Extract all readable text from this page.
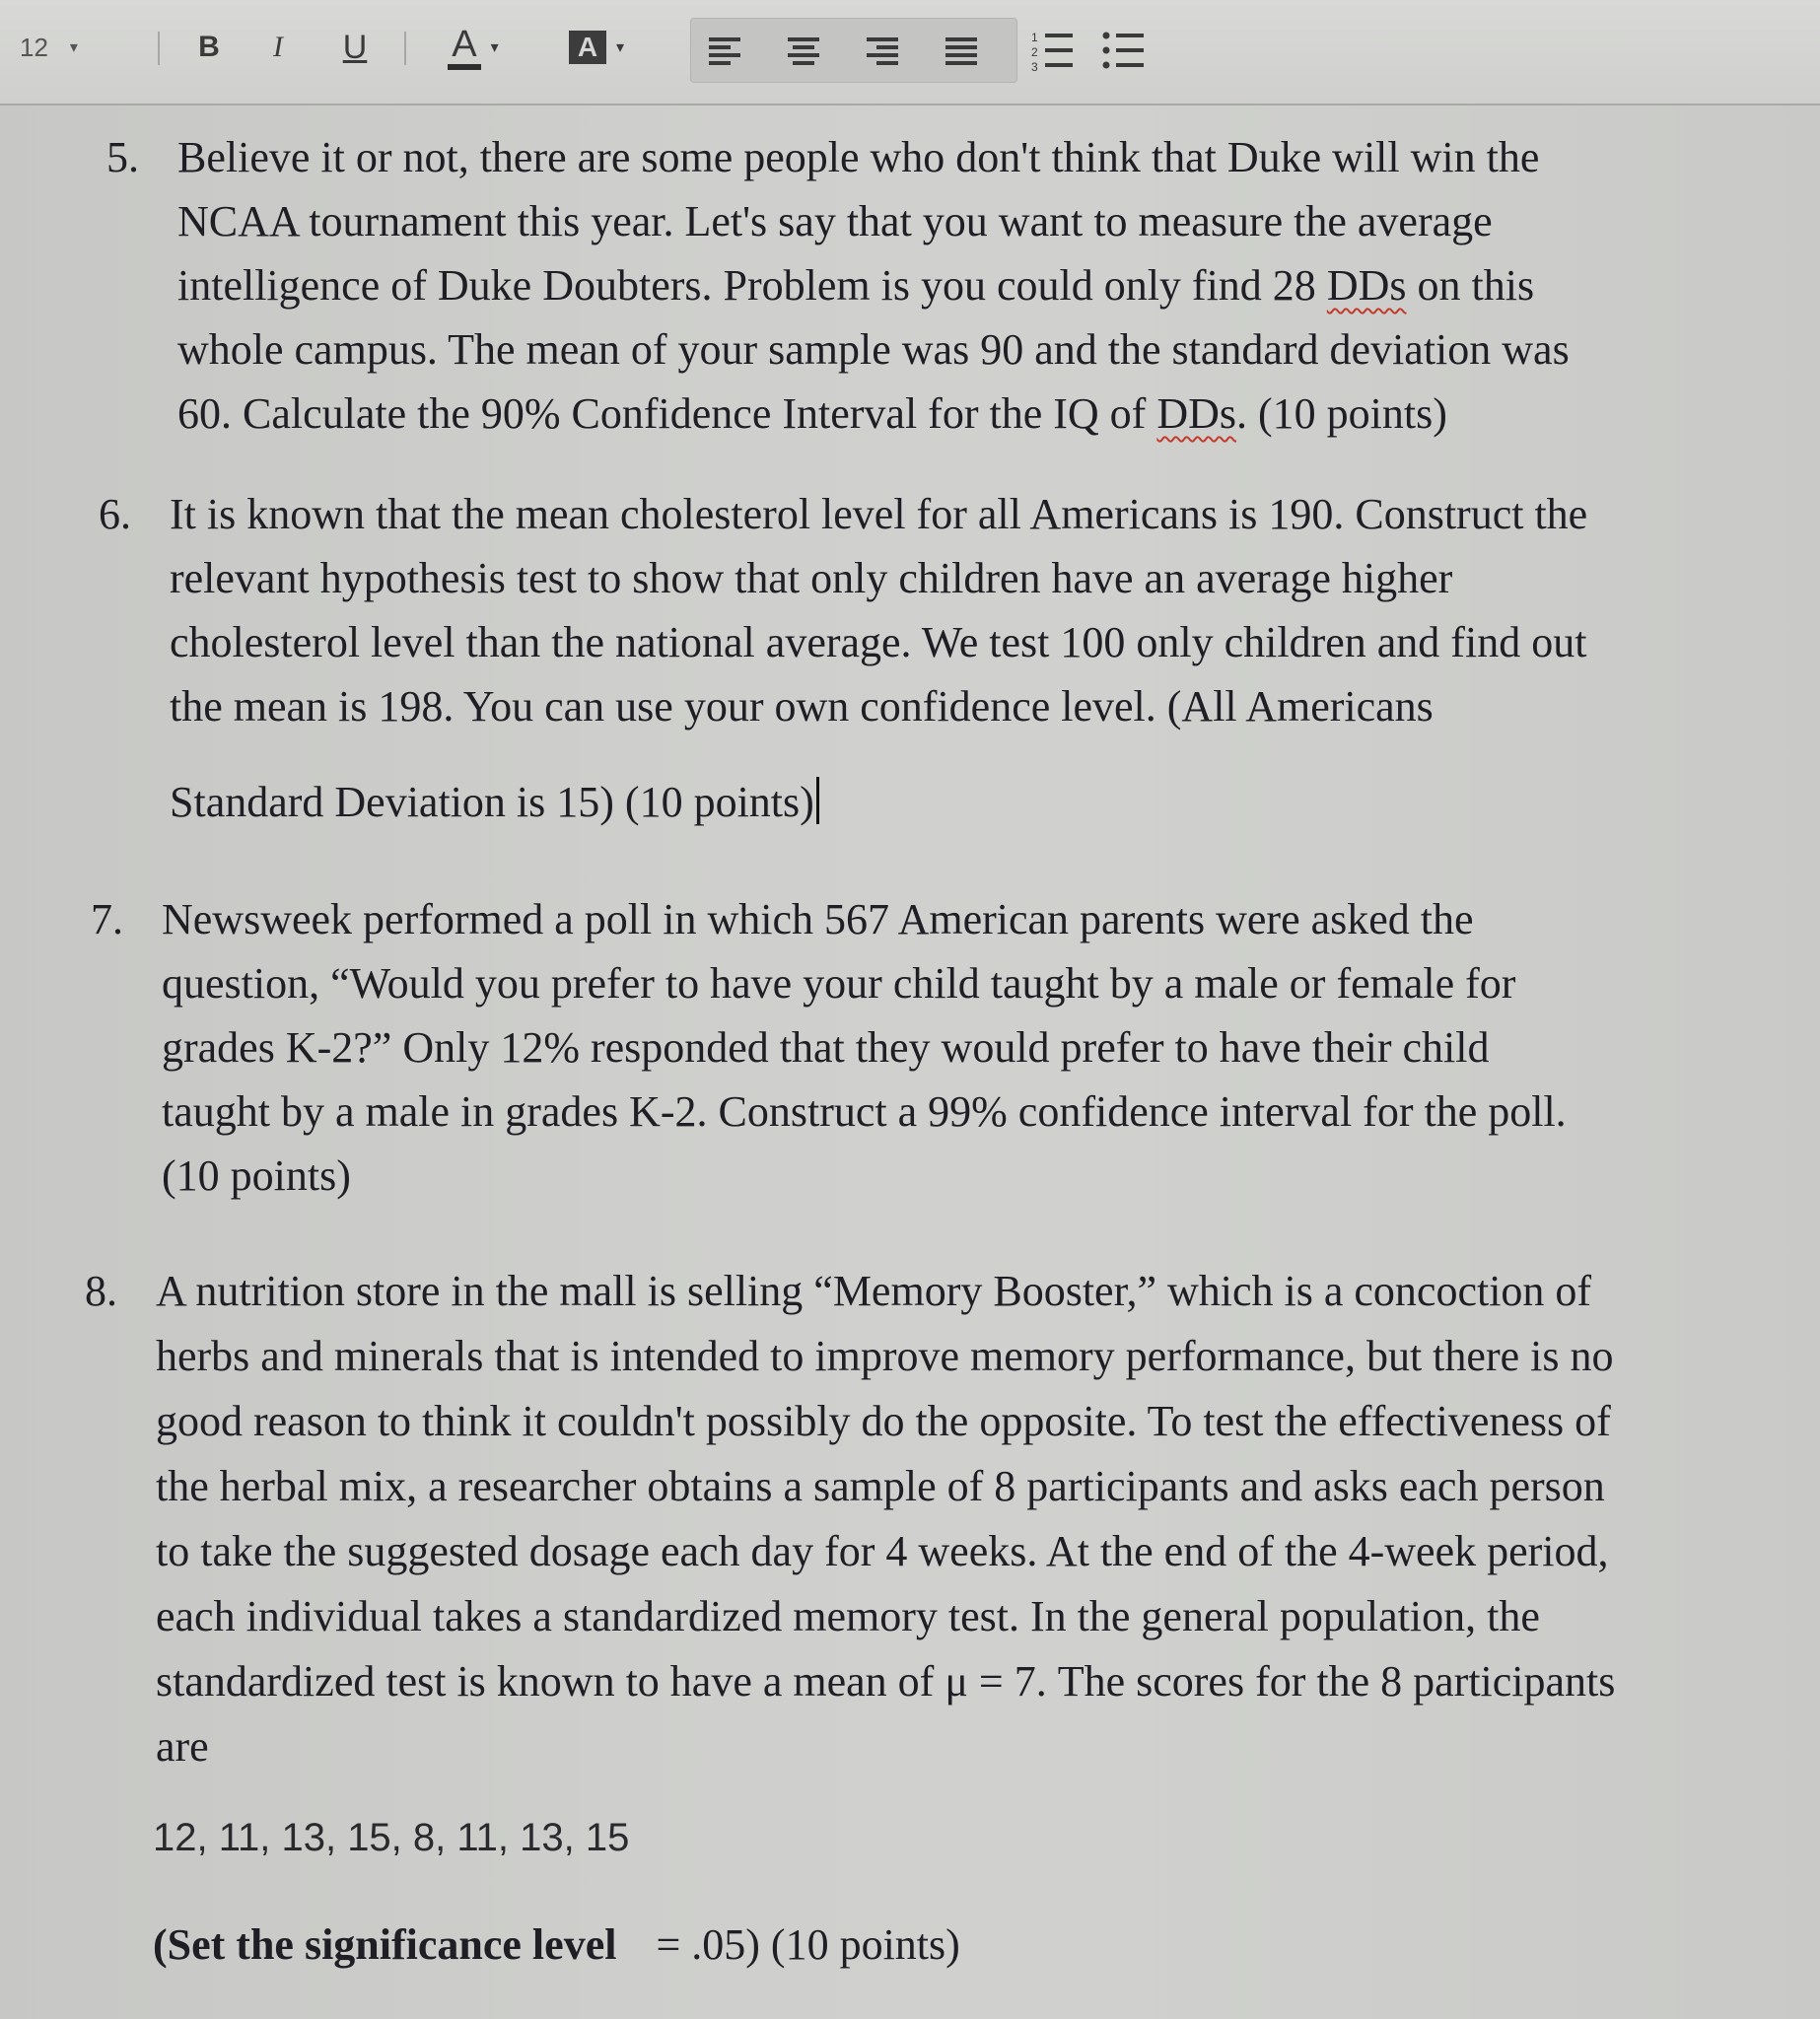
12 ▾	B	I	U A ▾	A	▾
1
2
3
5. Believe it or not, there are some people who don't think that Duke will win the

NCAA tournament this year. Let's say that you want to measure the average

intelligence of Duke Doubters. Problem is you could only find 28 DDs on this

whole campus. The mean of your sample was 90 and the standard deviation was

60. Calculate the 90% Confidence Interval for the IQ of DDs. (10 points)

6. It is known that the mean cholesterol level for all Americans is 190. Construct the

relevant hypothesis test to show that only children have an average higher

cholesterol level than the national average. We test 100 only children and find out

the mean is 198. You can use your own confidence level. (All Americans

Standard Deviation is 15) (10 points)

7. Newsweek performed a poll in which 567 American parents were asked the

question, “Would you prefer to have your child taught by a male or female for

grades K-2?” Only 12% responded that they would prefer to have their child

taught by a male in grades K-2. Construct a 99% confidence interval for the poll.

(10 points)

8. A nutrition store in the mall is selling “Memory Booster,” which is a concoction of

herbs and minerals that is intended to improve memory performance, but there is no

good reason to think it couldn't possibly do the opposite. To test the effectiveness of

the herbal mix, a researcher obtains a sample of 8 participants and asks each person

to take the suggested dosage each day for 4 weeks. At the end of the 4-week period,

each individual takes a standardized memory test. In the general population, the

standardized test is known to have a mean of μ = 7. The scores for the 8 participants

are

12, 11, 13, 15, 8, 11, 13, 15
(Set the significance level = .05) (10 points)
